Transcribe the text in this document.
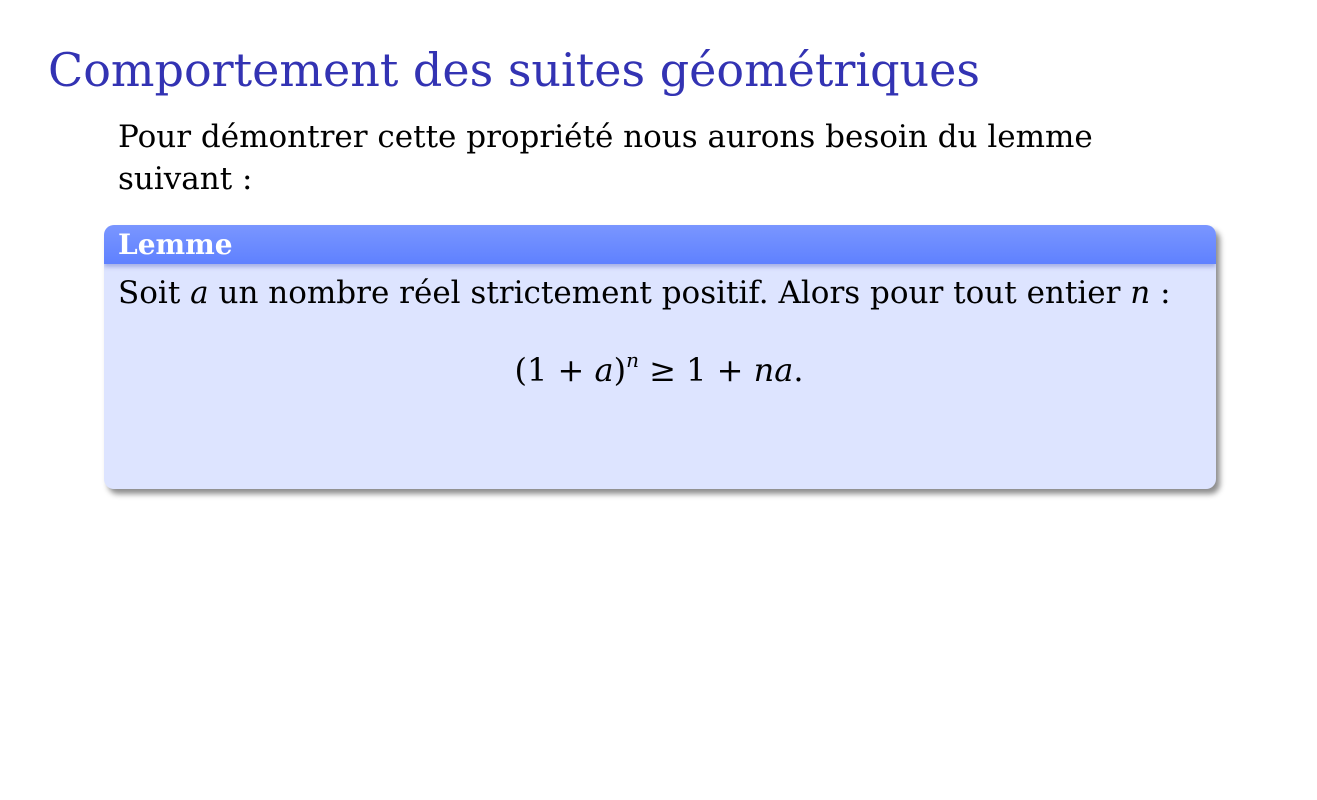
Comportement des suites géométriques

Pour démontrer cette propriété nous aurons besoin du lemme suivant :

Lemme
Soit a un nombre réel strictement positif. Alors pour tout entier n :
$(1 + a)^n \ge 1$ + na.
